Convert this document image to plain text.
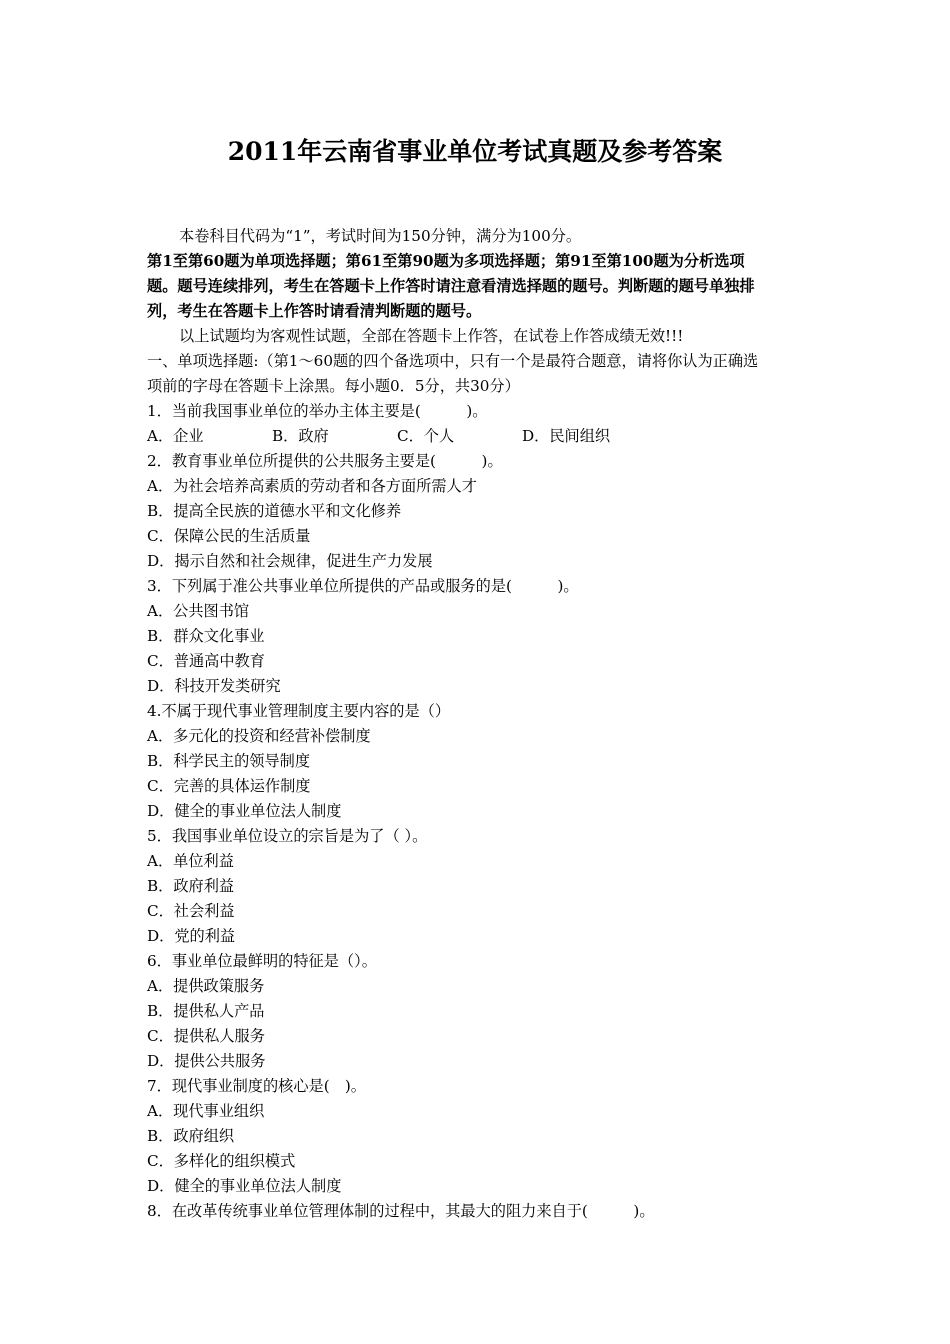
2011年云南省事业单位考试真题及参考答案
本卷科目代码为“1”，考试时间为150分钟，满分为100分。
第1至第60题为单项选择题；第61至第90题为多项选择题；第91至第100题为分析选项
题。题号连续排列，考生在答题卡上作答时请注意看清选择题的题号。判断题的题号单独排
列，考生在答题卡上作答时请看清判断题的题号。
以上试题均为客观性试题，全部在答题卡上作答，在试卷上作答成绩无效!!!
一、单项选择题:（第1～60题的四个备选项中，只有一个是最符合题意，请将你认为正确选
项前的字母在答题卡上涂黑。每小题0．5分，共30分）
1．当前我国事业单位的举办主体主要是(　　　)。
A．企业	B．政府	C．个人	D．民间组织
2．教育事业单位所提供的公共服务主要是(　　　)。
A．为社会培养高素质的劳动者和各方面所需人才
B．提高全民族的道德水平和文化修养
C．保障公民的生活质量
D．揭示自然和社会规律，促进生产力发展
3．下列属于准公共事业单位所提供的产品或服务的是(　　　)。
A．公共图书馆
B．群众文化事业
C．普通高中教育
D．科技开发类研究
4.不属于现代事业管理制度主要内容的是（）
A．多元化的投资和经营补偿制度
B．科学民主的领导制度
C．完善的具体运作制度
D．健全的事业单位法人制度
5．我国事业单位设立的宗旨是为了（ ）。
A．单位利益
B．政府利益
C．社会利益
D．党的利益
6．事业单位最鲜明的特征是（）。
A．提供政策服务
B．提供私人产品
C．提供私人服务
D．提供公共服务
7．现代事业制度的核心是(　)。
A．现代事业组织
B．政府组织
C．多样化的组织模式
D．健全的事业单位法人制度
8．在改革传统事业单位管理体制的过程中，其最大的阻力来自于(　　　)。
